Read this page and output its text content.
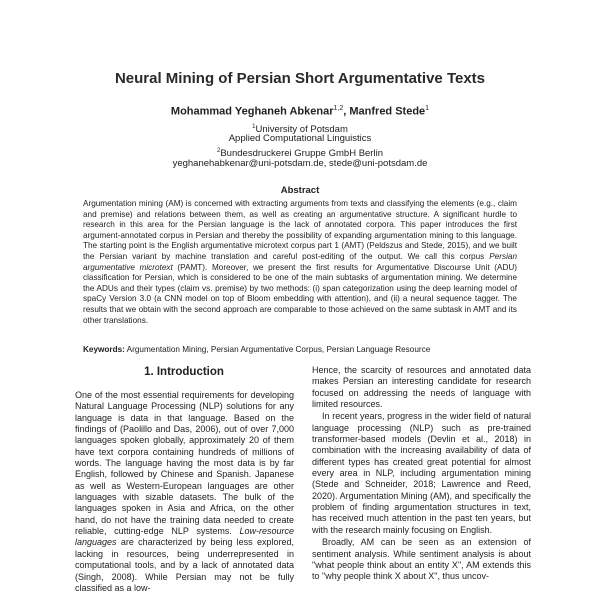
Neural Mining of Persian Short Argumentative Texts
Mohammad Yeghaneh Abkenar$^{1,2}$, Manfred Stede$^1$
$^1$University of Potsdam
Applied Computational Linguistics
$^2$Bundesdruckerei Gruppe GmbH Berlin
yeghanehabkenar@uni-potsdam.de, stede@uni-potsdam.de
Abstract
Argumentation mining (AM) is concerned with extracting arguments from texts and classifying the elements (e.g., claim and premise) and relations between them, as well as creating an argumentative structure. A significant hurdle to research in this area for the Persian language is the lack of annotated corpora. This paper introduces the first argument-annotated corpus in Persian and thereby the possibility of expanding argumentation mining to this language. The starting point is the English argumentative microtext corpus part 1 (AMT) (Peldszus and Stede, 2015), and we built the Persian variant by machine translation and careful post-editing of the output. We call this corpus Persian argumentative microtext (PAMT). Moreover, we present the first results for Argumentative Discourse Unit (ADU) classification for Persian, which is considered to be one of the main subtasks of argumentation mining. We determine the ADUs and their types (claim vs. premise) by two methods: (i) span categorization using the deep learning model of spaCy Version 3.0 (a CNN model on top of Bloom embedding with attention), and (ii) a neural sequence tagger. The results that we obtain with the second approach are comparable to those achieved on the same subtask in AMT and its other translations.
Keywords: Argumentation Mining, Persian Argumentative Corpus, Persian Language Resource
1. Introduction

One of the most essential requirements for developing Natural Language Processing (NLP) solutions for any language is data in that language. Based on the findings of (Paolillo and Das, 2006), out of over 7,000 languages spoken globally, approximately 20 of them have text corpora containing hundreds of millions of words. The language having the most data is by far English, followed by Chinese and Spanish. Japanese as well as Western-European languages are other languages with sizable datasets. The bulk of the languages spoken in Asia and Africa, on the other hand, do not have the training data needed to create reliable, cutting-edge NLP systems. Low-resource languages are characterized by being less explored, lacking in resources, being underrepresented in computational tools, and by a lack of annotated data (Singh, 2008). While Persian may not be fully classified as a low-

Hence, the scarcity of resources and annotated data makes Persian an interesting candidate for research focused on addressing the needs of language with limited resources.

In recent years, progress in the wider field of natural language processing (NLP) such as pre-trained transformer-based models (Devlin et al., 2018) in combination with the increasing availability of data of different types has created great potential for almost every area in NLP, including argumentation mining (Stede and Schneider, 2018; Lawrence and Reed, 2020). Argumentation Mining (AM), and specifically the problem of finding argumentation structures in text, has received much attention in the past ten years, but with the research mainly focusing on English.

Broadly, AM can be seen as an extension of sentiment analysis. While sentiment analysis is about "what people think about an entity X", AM extends this to "why people think X about X", thus uncov-
